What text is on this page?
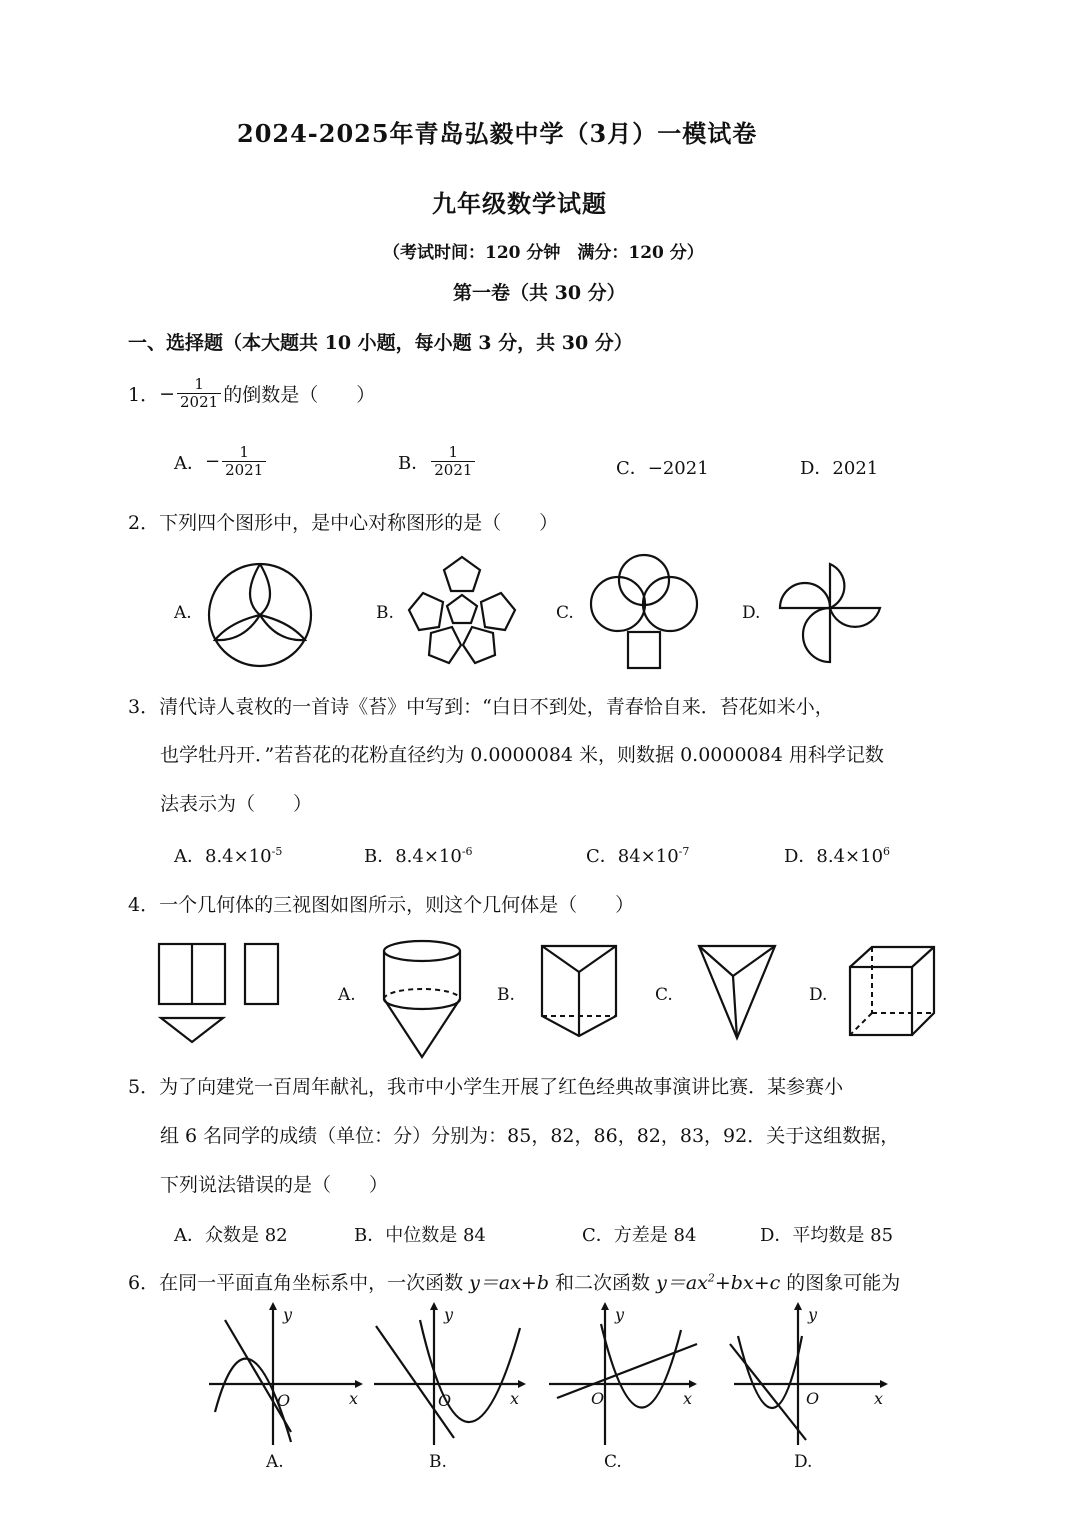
2024-2025年青岛弘毅中学（3月）一模试卷
九年级数学试题
（考试时间：120 分钟　满分：120 分）
第一卷（共 30 分）
一、选择题（本大题共 10 小题，每小题 3 分，共 30 分）
1． − $\frac{1}{2021}$ 的倒数是（　　）
A． − $\frac{1}{2021}$	B． $\frac{1}{2021}$	C．−2021	D．2021
2．下列四个图形中，是中心对称图形的是（　　）
A.	B.	C.	D.
3．清代诗人袁枚的一首诗《苔》中写到：“白日不到处，青春恰自来．苔花如米小，
也学牡丹开．”若苔花的花粉直径约为 0.0000084 米，则数据 0.0000084 用科学记数
法表示为（　　）
A．$8.4\times 10^{-5}$	B．$8.4\times 10^{-6}$	C．$84\times 10^{-7}$	D．$8.4\times 10^6$
4．一个几何体的三视图如图所示，则这个几何体是（　　）
A.	B.	C.	D.
5．为了向建党一百周年献礼，我市中小学生开展了红色经典故事演讲比赛．某参赛小
组 6 名同学的成绩（单位：分）分别为：85，82，86，82，83，92．关于这组数据，
下列说法错误的是（　　）
A．众数是 82	B．中位数是 84	C．方差是 84	D．平均数是 85
6．在同一平面直角坐标系中，一次函数 y＝ax+b 和二次函数 $y=ax^2+bx+c$ 的图象可能为
y
x
O
A.
y
x
O
B.
y
x
O
C.
y
x
O
D.
